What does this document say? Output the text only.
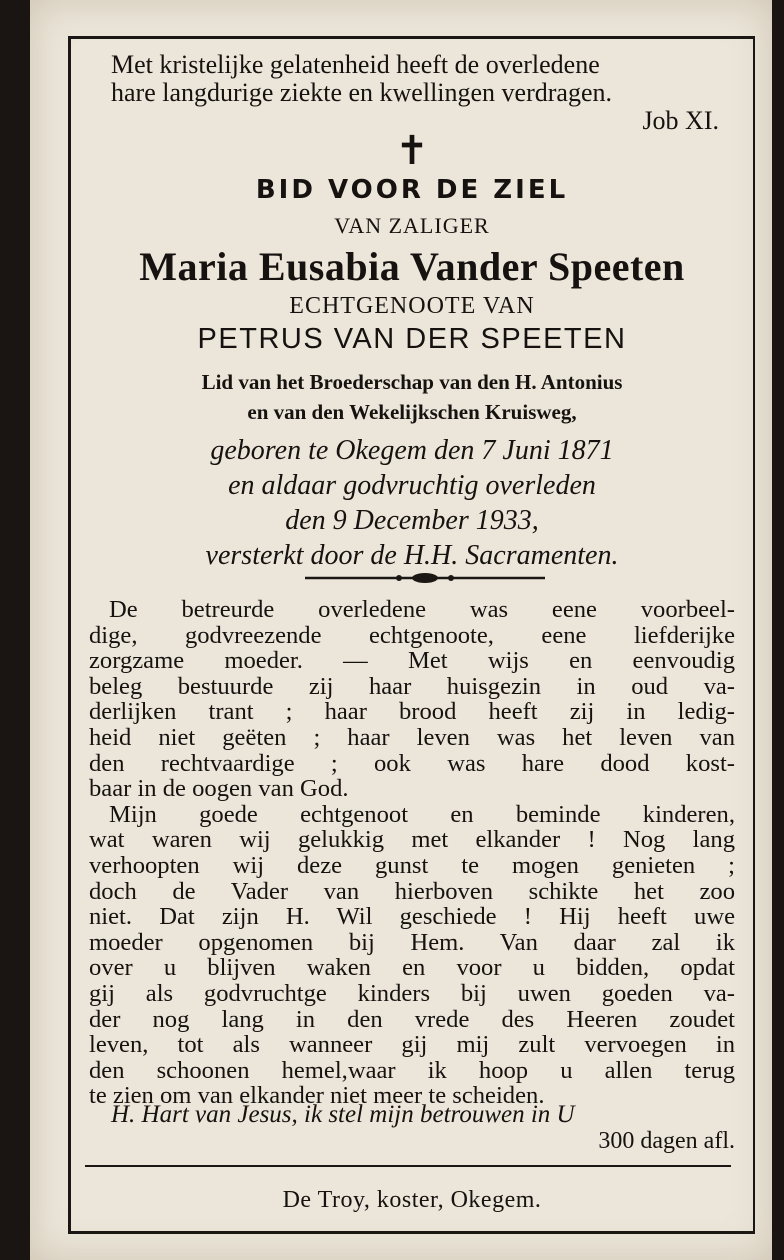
Met kristelijke gelatenheid heeft de overledene
hare langdurige ziekte en kwellingen verdragen.
Job XI.
✝
BID VOOR DE ZIEL
VAN ZALIGER
Maria Eusabia Vander Speeten
ECHTGENOOTE VAN
PETRUS VAN DER SPEETEN
Lid van het Broederschap van den H. Antonius
en van den Wekelijkschen Kruisweg,
geboren te Okegem den 7 Juni 1871
en aldaar godvruchtig overleden
den 9 December 1933,
versterkt door de H.H. Sacramenten.
De betreurde overledene was eene voorbeel-
dige, godvreezende echtgenoote, eene liefderijke
zorgzame moeder. — Met wijs en eenvoudig
beleg bestuurde zij haar huisgezin in oud va-
derlijken trant ; haar brood heeft zij in ledig-
heid niet geëten ; haar leven was het leven van
den rechtvaardige ; ook was hare dood kost-
baar in de oogen van God.
Mijn goede echtgenoot en beminde kinderen,
wat waren wij gelukkig met elkander ! Nog lang
verhoopten wij deze gunst te mogen genieten ;
doch de Vader van hierboven schikte het zoo
niet. Dat zijn H. Wil geschiede ! Hij heeft uwe
moeder opgenomen bij Hem. Van daar zal ik
over u blijven waken en voor u bidden, opdat
gij als godvruchtge kinders bij uwen goeden va-
der nog lang in den vrede des Heeren zoudet
leven, tot als wanneer gij mij zult vervoegen in
den schoonen hemel,waar ik hoop u allen terug
te zien om van elkander niet meer te scheiden.
H. Hart van Jesus, ik stel mijn betrouwen in U
300 dagen afl.
De Troy, koster, Okegem.
